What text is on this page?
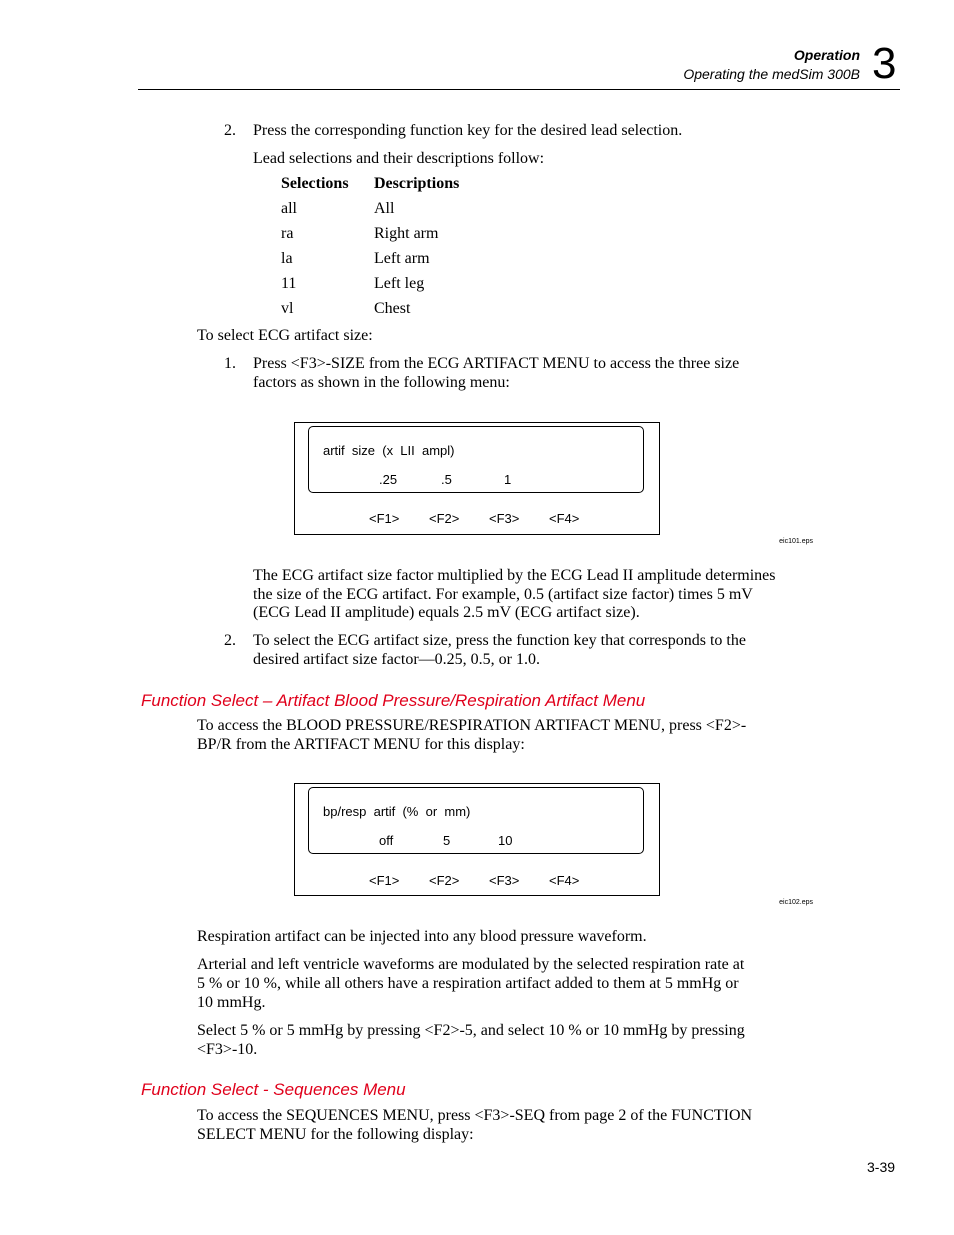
Operation
Operating the medSim 300B 3
2. Press the corresponding function key for the desired lead selection.
Lead selections and their descriptions follow:
Selections Descriptions
all	All
ra	Right arm
la	Left arm
11	Left leg
vl	Chest
To select ECG artifact size:
1. Press <F3>-SIZE from the ECG ARTIFACT MENU to access the three size
factors as shown in the following menu:
artif  size  (x  LII  ampl)
.25	.5	1
<F1> <F2> <F3> <F4>
eic101.eps
The ECG artifact size factor multiplied by the ECG Lead II amplitude determines
the size of the ECG artifact. For example, 0.5 (artifact size factor) times 5 mV
(ECG Lead II amplitude) equals 2.5 mV (ECG artifact size).
2. To select the ECG artifact size, press the function key that corresponds to the
desired artifact size factor—0.25, 0.5, or 1.0.
Function Select – Artifact Blood Pressure/Respiration Artifact Menu
To access the BLOOD PRESSURE/RESPIRATION ARTIFACT MENU, press <F2>-
BP/R from the ARTIFACT MENU for this display:
bp/resp  artif  (%  or  mm)
off	5	10
<F1> <F2> <F3> <F4>
eic102.eps
Respiration artifact can be injected into any blood pressure waveform.
Arterial and left ventricle waveforms are modulated by the selected respiration rate at
5 % or 10 %, while all others have a respiration artifact added to them at 5 mmHg or
10 mmHg.
Select 5 % or 5 mmHg by pressing <F2>-5, and select 10 % or 10 mmHg by pressing
<F3>-10.
Function Select - Sequences Menu
To access the SEQUENCES MENU, press <F3>-SEQ from page 2 of the FUNCTION
SELECT MENU for the following display:
3-39
